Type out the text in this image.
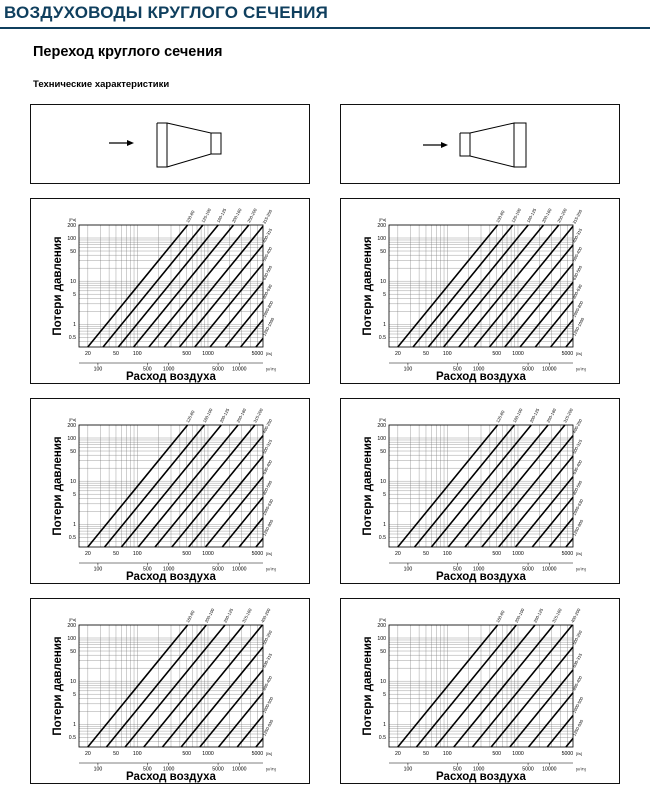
ВОЗДУХОВОДЫ КРУГЛОГО СЕЧЕНИЯ
Переход круглого сечения
Технические характеристики
0.5
1
5
10
50
100
200
[Pa]
20	50	100	500 1000	5000 [l/s]
100	500 1000	5000 10000	[m³/h]
Потери давления
Расход воздуха
100-80 125-100 160-125 200-160 250-200 315-250
400-315
500-400
630-500
800-630
1000-800
1250-1000
0.5
1
5
10
50
100
200
[Pa]
20	50	100	500 1000	5000 [l/s]
100	500 1000	5000 10000	[m³/h]
Потери давления
Расход воздуха
100-80 125-100 160-125 200-160 250-200 315-250
400-315
500-400
630-500
800-630
1000-800
1250-1000
0.5
1
5
10
50
100
200
[Pa]
20	50	100	500 1000	5000 [l/s]
100	500 1000	5000 10000	[m³/h]
Потери давления
Расход воздуха
125-80 160-100 200-125 250-160 315-200
400-250
500-315
630-400
800-500
1000-630
1250-800
0.5
1
5
10
50
100
200
[Pa]
20	50	100	500 1000	5000 [l/s]
100	500 1000	5000 10000	[m³/h]
Потери давления
Расход воздуха
125-80 160-100 200-125 250-160 315-200
400-250
500-315
630-400
800-500
1000-630
1250-800
0.5
1
5
10
50
100
200
[Pa]
20	50	100	500 1000	5000 [l/s]
100	500 1000	5000 10000	[m³/h]
Потери давления
Расход воздуха
160-80 200-100 250-125 315-160 400-200
500-250
630-315
800-400
1000-500
1250-630
0.5
1
5
10
50
100
200
[Pa]
20	50	100	500 1000	5000 [l/s]
100	500 1000	5000 10000	[m³/h]
Потери давления
Расход воздуха
160-80 200-100 250-125 315-160 400-200
500-250
630-315
800-400
1000-500
1250-630
